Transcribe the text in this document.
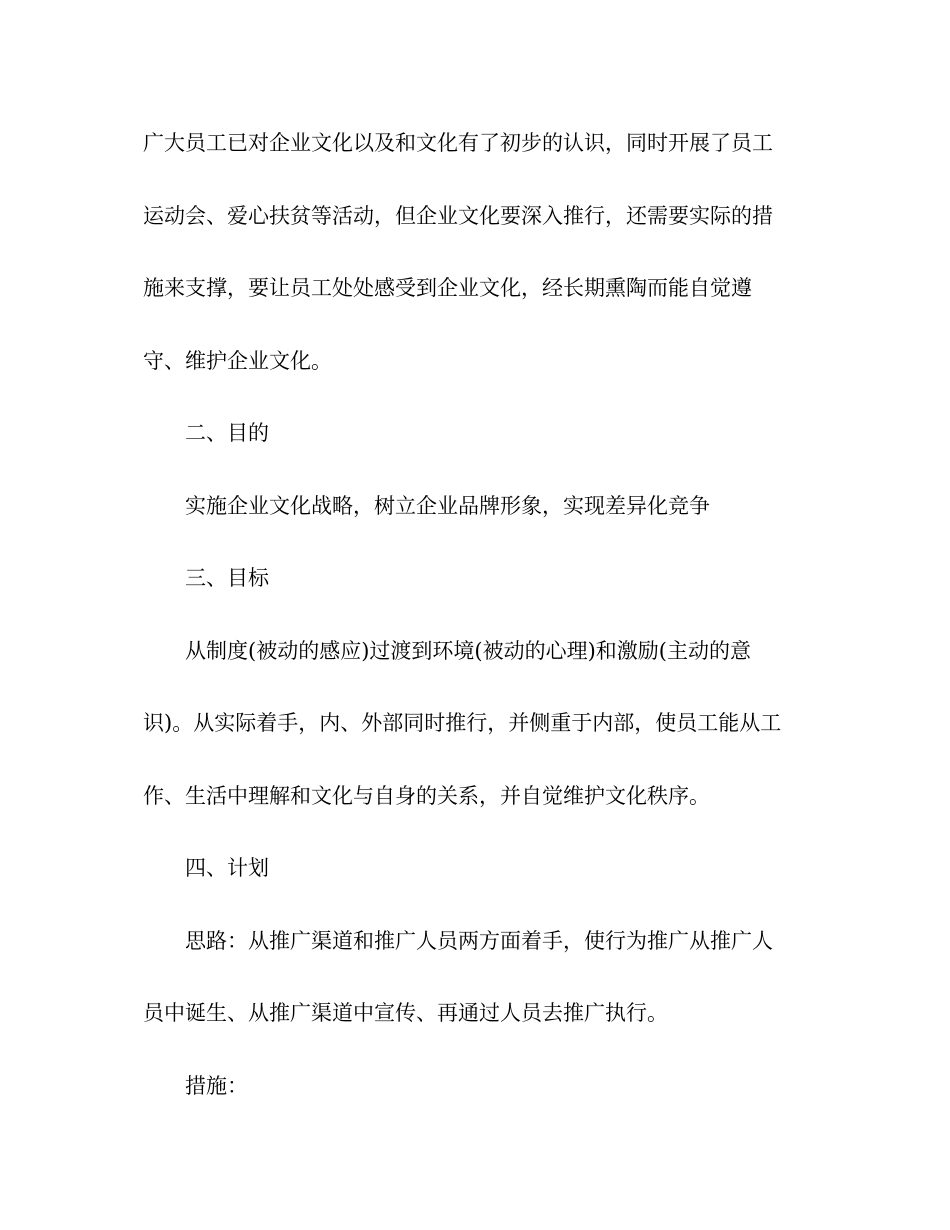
广大员工已对企业文化以及和文化有了初步的认识，同时开展了员工
运动会、爱心扶贫等活动，但企业文化要深入推行，还需要实际的措
施来支撑，要让员工处处感受到企业文化，经长期熏陶而能自觉遵
守、维护企业文化。
二、目的
实施企业文化战略，树立企业品牌形象，实现差异化竞争
三、目标
从制度(被动的感应)过渡到环境(被动的心理)和激励(主动的意
识)。从实际着手，内、外部同时推行，并侧重于内部，使员工能从工
作、生活中理解和文化与自身的关系，并自觉维护文化秩序。
四、计划
思路：从推广渠道和推广人员两方面着手，使行为推广从推广人
员中诞生、从推广渠道中宣传、再通过人员去推广执行。
措施：
